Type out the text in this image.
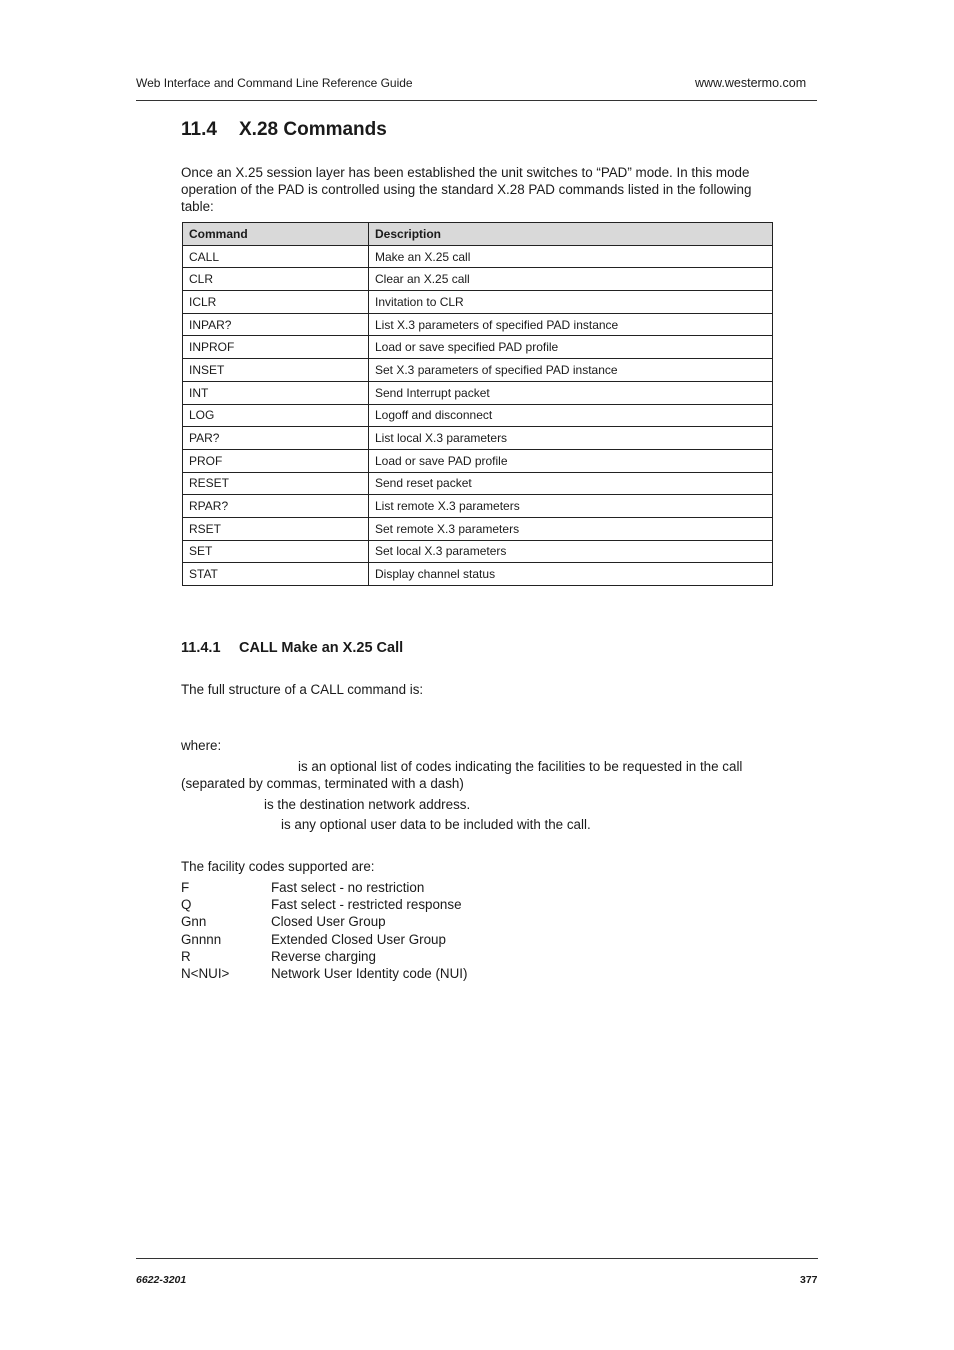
Web Interface and Command Line Reference Guide	www.westermo.com
11.4 X.28 Commands
Once an X.25 session layer has been established the unit switches to “PAD” mode. In this mode operation of the PAD is controlled using the standard X.28 PAD commands listed in the following table:
Command	Description
CALL	Make an X.25 call
CLR	Clear an X.25 call
ICLR	Invitation to CLR
INPAR?	List X.3 parameters of specified PAD instance
INPROF	Load or save specified PAD profile
INSET	Set X.3 parameters of specified PAD instance
INT	Send Interrupt packet
LOG	Logoff and disconnect
PAR?	List local X.3 parameters
PROF	Load or save PAD profile
RESET	Send reset packet
RPAR?	List remote X.3 parameters
RSET	Set remote X.3 parameters
SET	Set local X.3 parameters
STAT	Display channel status
11.4.1 CALL Make an X.25 Call
The full structure of a CALL command is:
where:
is an optional list of codes indicating the facilities to be requested in the call
(separated by commas, terminated with a dash)
is the destination network address.
is any optional user data to be included with the call.
The facility codes supported are:
F	Fast select - no restriction
Q	Fast select - restricted response
Gnn	Closed User Group
Gnnnn	Extended Closed User Group
R	Reverse charging
N<NUI>	Network User Identity code (NUI)
6622-3201	377
